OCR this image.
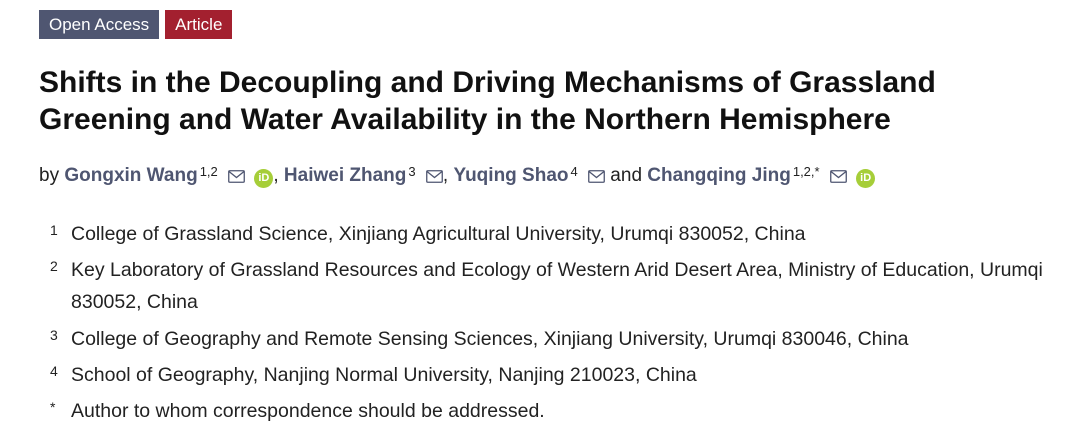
Open Access	Article
Shifts in the Decoupling and Driving Mechanisms of Grassland Greening and Water Availability in the Northern Hemisphere
by Gongxin Wang $^{1,2}$	iD , Haiwei Zhang $^3$ , Yuqing Shao $^4$  and Changqing Jing $^{1,2,*}$	iD
1 College of Grassland Science, Xinjiang Agricultural University, Urumqi 830052, China
2 Key Laboratory of Grassland Resources and Ecology of Western Arid Desert Area, Ministry of Education, Urumqi 830052, China
3 College of Geography and Remote Sensing Sciences, Xinjiang University, Urumqi 830046, China
4 School of Geography, Nanjing Normal University, Nanjing 210023, China
* Author to whom correspondence should be addressed.
